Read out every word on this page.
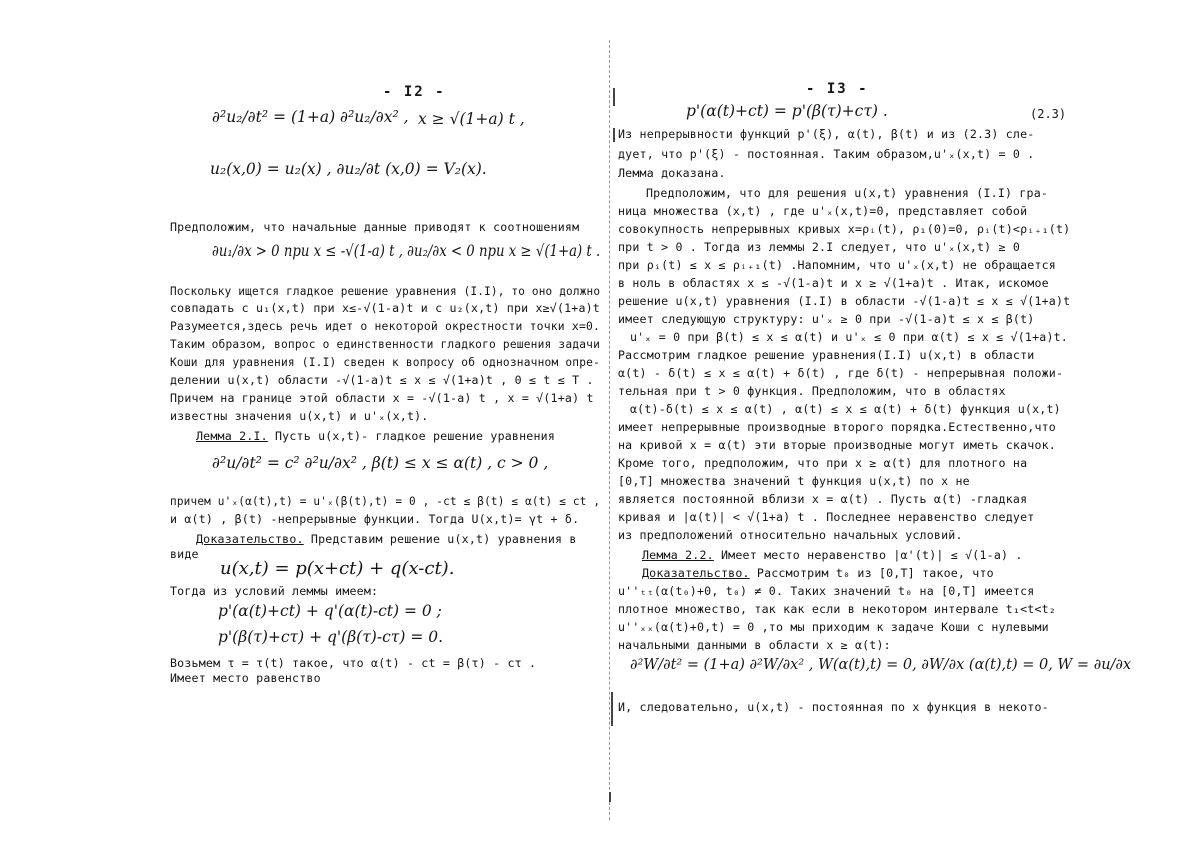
- I2 -
∂²u₂/∂t² = (1+a) ∂²u₂/∂x² , x ≥ √(1+a) t ,
u₂(x,0) = u₂(x) , ∂u₂/∂t (x,0) = V₂(x).
Предположим, что начальные данные приводят к соотношениям
∂u₁/∂x > 0 при x ≤ -√(1-a) t , ∂u₂/∂x < 0 при x ≥ √(1+a) t .
Поскольку ищется гладкое решение уравнения (I.I), то оно должно
совпадать с u₁(x,t) при x≤-√(1-a)t и с u₂(x,t) при x≥√(1+a)t
Разумеется,здесь речь идет о некоторой окрестности точки x=0.
Таким образом, вопрос о единственности гладкого решения задачи
Коши для уравнения (I.I) сведен к вопросу об однозначном опре-
делении u(x,t) области -√(1-a)t ≤ x ≤ √(1+a)t , 0 ≤ t ≤ T .
Причем на границе этой области x = -√(1-a) t , x = √(1+a) t
известны значения u(x,t) и u'ₓ(x,t).
Лемма 2.I. Пусть u(x,t)- гладкое решение уравнения
∂²u/∂t² = c² ∂²u/∂x² , β(t) ≤ x ≤ α(t) , c > 0 ,
причем u'ₓ(α(t),t) = u'ₓ(β(t),t) = 0 , -ct ≤ β(t) ≤ α(t) ≤ ct ,
и α(t) , β(t) -непрерывные функции. Тогда U(x,t)= γt + δ.
Доказательство. Представим решение u(x,t) уравнения в
виде
u(x,t) = p(x+ct) + q(x-ct).
Тогда из условий леммы имеем:
p'(α(t)+ct) + q'(α(t)-ct) = 0 ;
p'(β(τ)+cτ) + q'(β(τ)-cτ) = 0.
Возьмем τ = τ(t) такое, что α(t) - ct = β(τ) - cτ .
Имеет место равенство
- I3 -
p'(α(t)+ct) = p'(β(τ)+cτ) .	(2.3)
Из непрерывности функций p'(ξ), α(t), β(t) и из (2.3) сле-
дует, что p'(ξ) - постоянная. Таким образом,u'ₓ(x,t) = 0 .
Лемма доказана.
Предположим, что для решения u(x,t) уравнения (I.I) гра-
ница множества (x,t) , где u'ₓ(x,t)=0, представляет собой
совокупность непрерывных кривых x=ρᵢ(t), ρ₁(0)=0, ρᵢ(t)<ρᵢ₊₁(t)
при t > 0 . Тогда из леммы 2.I следует, что u'ₓ(x,t) ≥ 0
при ρᵢ(t) ≤ x ≤ ρᵢ₊₁(t) .Напомним, что u'ₓ(x,t) не обращается
в ноль в областях x ≤ -√(1-a)t и x ≥ √(1+a)t . Итак, искомое
решение u(x,t) уравнения (I.I) в области -√(1-a)t ≤ x ≤ √(1+a)t
имеет следующую структуру: u'ₓ ≥ 0 при -√(1-a)t ≤ x ≤ β(t)
u'ₓ = 0 при β(t) ≤ x ≤ α(t) и u'ₓ ≤ 0 при α(t) ≤ x ≤ √(1+a)t.
Рассмотрим гладкое решение уравнения(I.I) u(x,t) в области
α(t) - δ(t) ≤ x ≤ α(t) + δ(t) , где δ(t) - непрерывная положи-
тельная при t > 0 функция. Предположим, что в областях
α(t)-δ(t) ≤ x ≤ α(t) , α(t) ≤ x ≤ α(t) + δ(t) функция u(x,t)
имеет непрерывные производные второго порядка.Естественно,что
на кривой x = α(t) эти вторые производные могут иметь скачок.
Кроме того, предположим, что при x ≥ α(t) для плотного на
[0,T] множества значений t функция u(x,t) по x не
является постоянной вблизи x = α(t) . Пусть α(t) -гладкая
кривая и |α(t)| < √(1+a) t . Последнее неравенство следует
из предположений относительно начальных условий.
Лемма 2.2. Имеет место неравенство |α'(t)| ≤ √(1-a) .
Доказательство. Рассмотрим t₀ из [0,T] такое, что
u''ₜₜ(α(t₀)+0, t₀) ≠ 0. Таких значений t₀ на [0,T] имеется
плотное множество, так как если в некотором интервале t₁<t<t₂
u''ₓₓ(α(t)+0,t) = 0 ,то мы приходим к задаче Коши с нулевыми
начальными данными в области x ≥ α(t):
∂²W/∂t² = (1+a) ∂²W/∂x² , W(α(t),t) = 0, ∂W/∂x (α(t),t) = 0, W = ∂u/∂x
И, следовательно, u(x,t) - постоянная по x функция в некото-
